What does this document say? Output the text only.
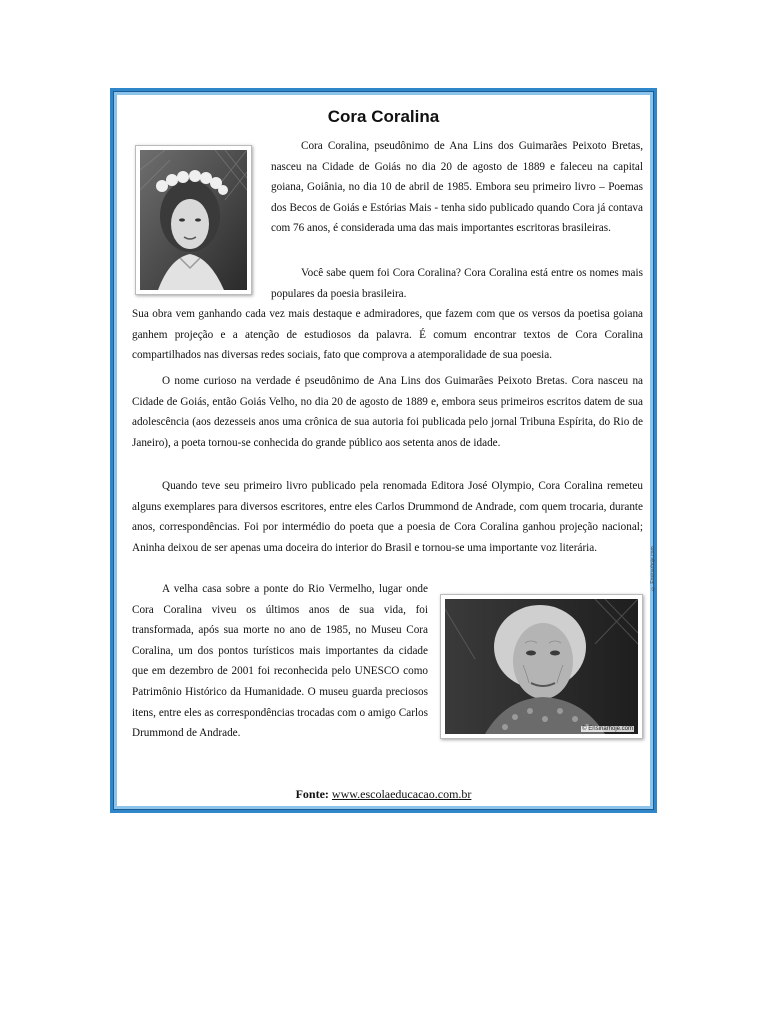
Cora Coralina

Cora Coralina, pseudônimo de Ana Lins dos Guimarães Peixoto Bretas, nasceu na Cidade de Goiás no dia 20 de agosto de 1889 e faleceu na capital goiana, Goiânia, no dia 10 de abril de 1985. Embora seu primeiro livro – Poemas dos Becos de Goiás e Estórias Mais - tenha sido publicado quando Cora já contava com 76 anos, é considerada uma das mais importantes escritoras brasileiras.

Você sabe quem foi Cora Coralina? Cora Coralina está entre os nomes mais populares da poesia brasileira.

Sua obra vem ganhando cada vez mais destaque e admiradores, que fazem com que os versos da poetisa goiana ganhem projeção e a atenção de estudiosos da palavra. É comum encontrar textos de Cora Coralina compartilhados nas diversas redes sociais, fato que comprova a atemporalidade de sua poesia.

O nome curioso na verdade é pseudônimo de Ana Lins dos Guimarães Peixoto Bretas. Cora nasceu na Cidade de Goiás, então Goiás Velho, no dia 20 de agosto de 1889 e, embora seus primeiros escritos datem de sua adolescência (aos dezesseis anos uma crônica de sua autoria foi publicada pelo jornal Tribuna Espírita, do Rio de Janeiro), a poeta tornou-se conhecida do grande público aos setenta anos de idade.

Quando teve seu primeiro livro publicado pela renomada Editora José Olympio, Cora Coralina remeteu alguns exemplares para diversos escritores, entre eles Carlos Drummond de Andrade, com quem trocaria, durante anos, correspondências. Foi por intermédio do poeta que a poesia de Cora Coralina ganhou projeção nacional; Aninha deixou de ser apenas uma doceira do interior do Brasil e tornou-se uma importante voz literária.	© Ensinarhoje.com

A velha casa sobre a ponte do Rio Vermelho, lugar onde Cora Coralina viveu os últimos anos de sua vida, foi transformada, após sua morte no ano de 1985, no Museu Cora Coralina, um dos pontos turísticos mais importantes da cidade que em dezembro de 2001 foi reconhecida pelo UNESCO como Patrimônio Histórico da Humanidade. O museu guarda preciosos itens, entre eles as correspondências trocadas com o amigo Carlos Drummond de Andrade.	© Ensinarhoje.com
Fonte: www.escolaeducacao.com.br
